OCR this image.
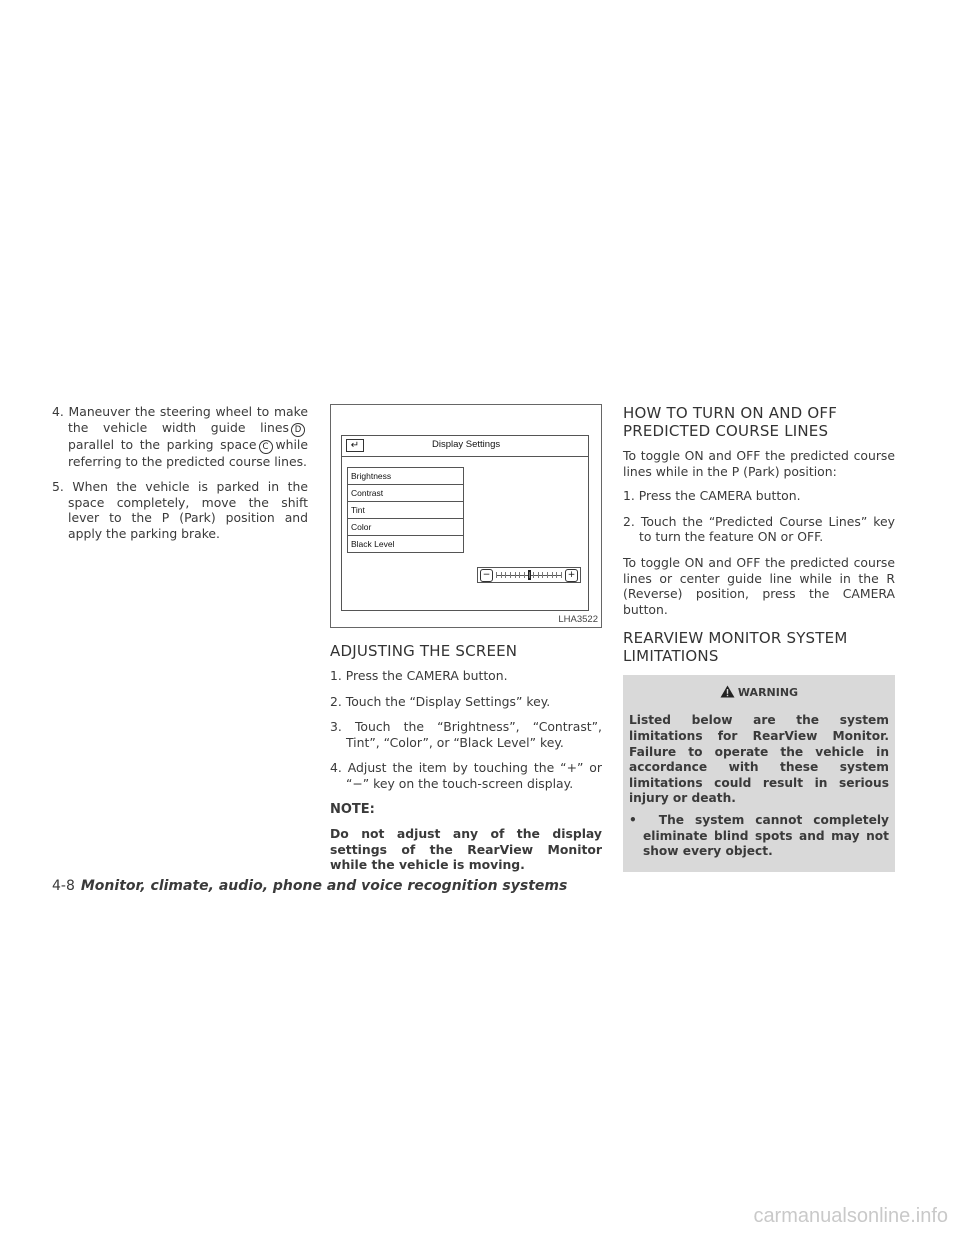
4. Maneuver the steering wheel to make the vehicle width guide lines Dparallel to the parking space C while referring to the predicted course lines.

5. When the vehicle is parked in the space completely, move the shift lever to the P (Park) position and apply the parking brake.

↵	Display Settings
Brightness
Contrast
Tint
Color
Black Level
−	+
LHA3522
ADJUSTING THE SCREEN

1. Press the CAMERA button.

2. Touch the “Display Settings” key.

3. Touch the “Brightness”, “Contrast”, Tint”, “Color”, or “Black Level” key.

4. Adjust the item by touching the “+” or “−” key on the touch-screen display.

NOTE:

Do not adjust any of the display settings of the RearView Monitor while the vehicle is moving.

HOW TO TURN ON AND OFF PREDICTED COURSE LINES

To toggle ON and OFF the predicted course lines while in the P (Park) position:

1. Press the CAMERA button.

2. Touch the “Predicted Course Lines” key to turn the feature ON or OFF.

To toggle ON and OFF the predicted course lines or center guide line while in the R (Reverse) position, press the CAMERA button.

REARVIEW MONITOR SYSTEM LIMITATIONS
WARNING

Listed below are the system limitations for RearView Monitor. Failure to operate the vehicle in accordance with these system limitations could result in serious injury or death.

•  The system cannot completely eliminate blind spots and may not show every object.

4-8 Monitor, climate, audio, phone and voice recognition systems
carmanualsonline.info
